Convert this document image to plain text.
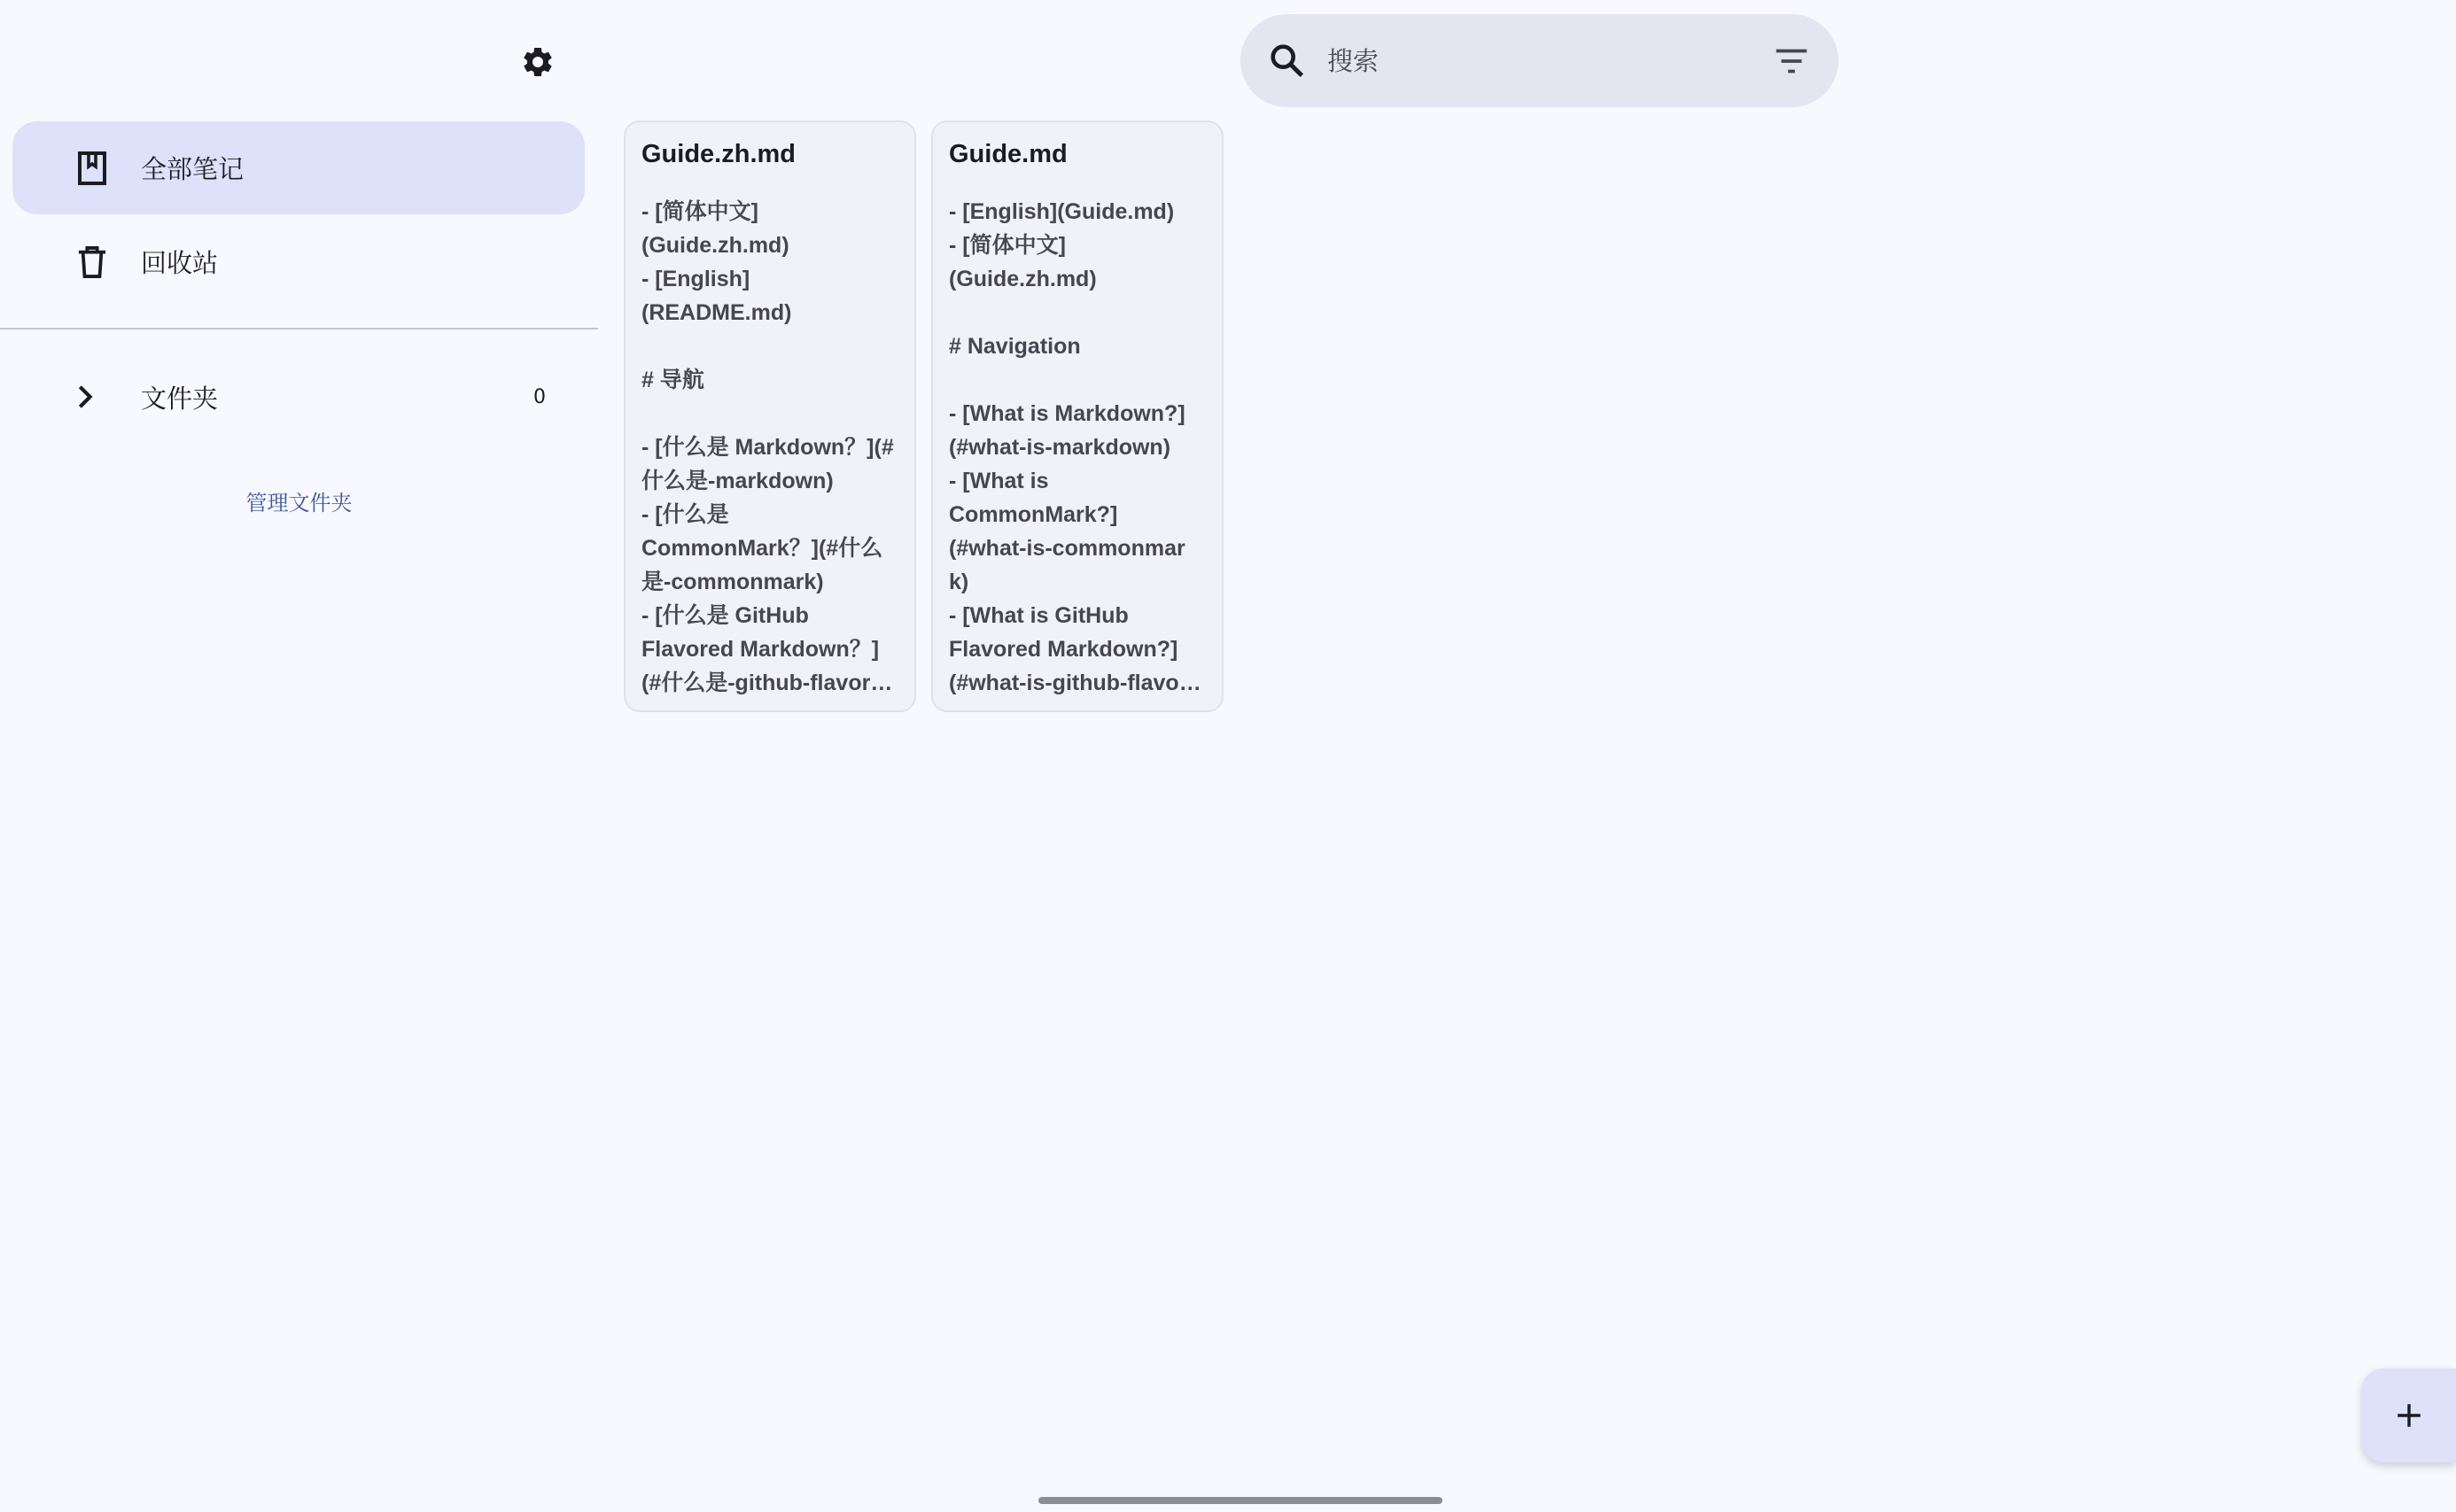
全部笔记
回收站
文件夹	0
管理文件夹
搜索
Guide.zh.md
- [简体中文]
(Guide.zh.md)
- [English]
(README.md)

# 导航

- [什么是 Markdown？](#什么是-markdown)
- [什么是
CommonMark？](#什么是-commonmark)
- [什么是 GitHub
Flavored Markdown？]
(#什么是-github-flavor…
Guide.md
- [English](Guide.md)
- [简体中文]
(Guide.zh.md)

# Navigation

- [What is Markdown?]
(#what-is-markdown)
- [What is
CommonMark?]
(#what-is-commonmar
k)
- [What is GitHub
Flavored Markdown?]
(#what-is-github-flavo…
